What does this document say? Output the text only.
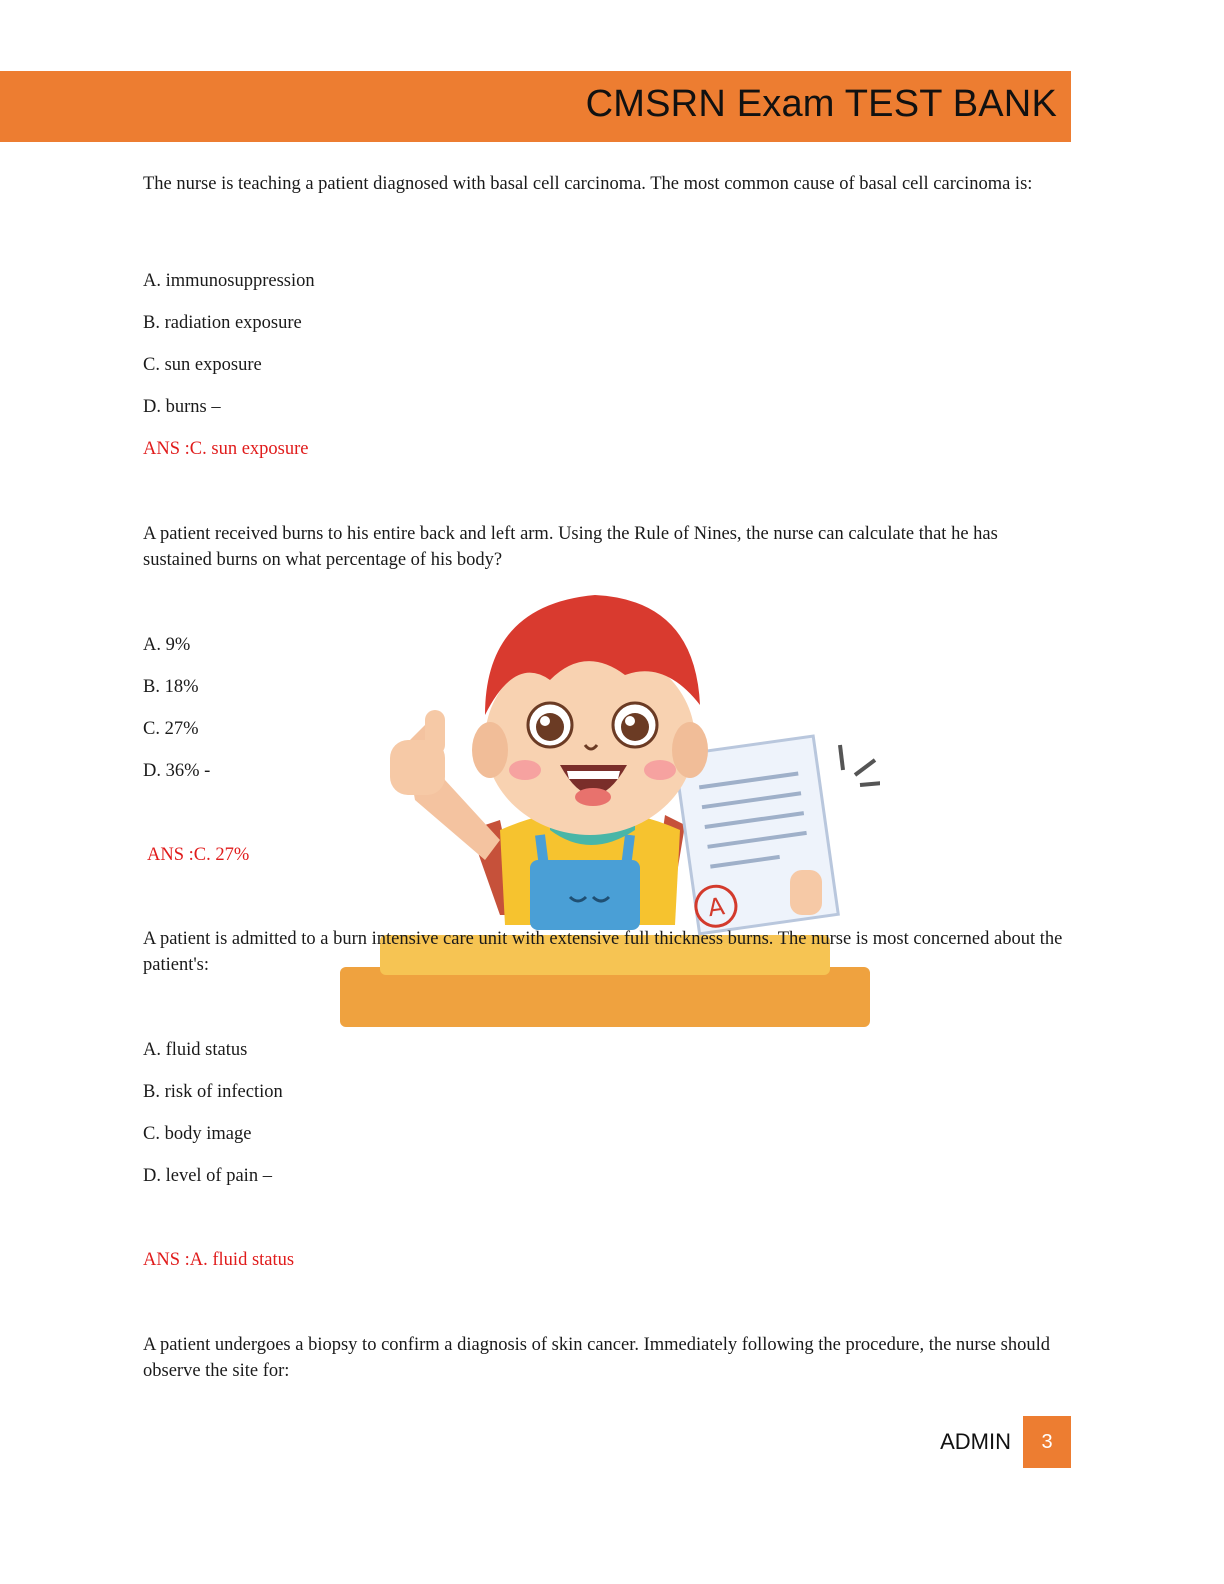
CMSRN Exam TEST BANK
A

The nurse is teaching a patient diagnosed with basal cell carcinoma. The most common cause of basal cell carcinoma is:

A. immunosuppression

B. radiation exposure

C. sun exposure

D. burns –

ANS :C. sun exposure

A patient received burns to his entire back and left arm. Using the Rule of Nines, the nurse can calculate that he has sustained burns on what percentage of his body?

A. 9%

B. 18%

C. 27%

D. 36% -

ANS :C. 27%

A patient is admitted to a burn intensive care unit with extensive full thickness burns. The nurse is most concerned about the patient's:

A. fluid status

B. risk of infection

C. body image

D. level of pain –

ANS :A. fluid status

A patient undergoes a biopsy to confirm a diagnosis of skin cancer. Immediately following the procedure, the nurse should observe the site for:

ADMIN	3
